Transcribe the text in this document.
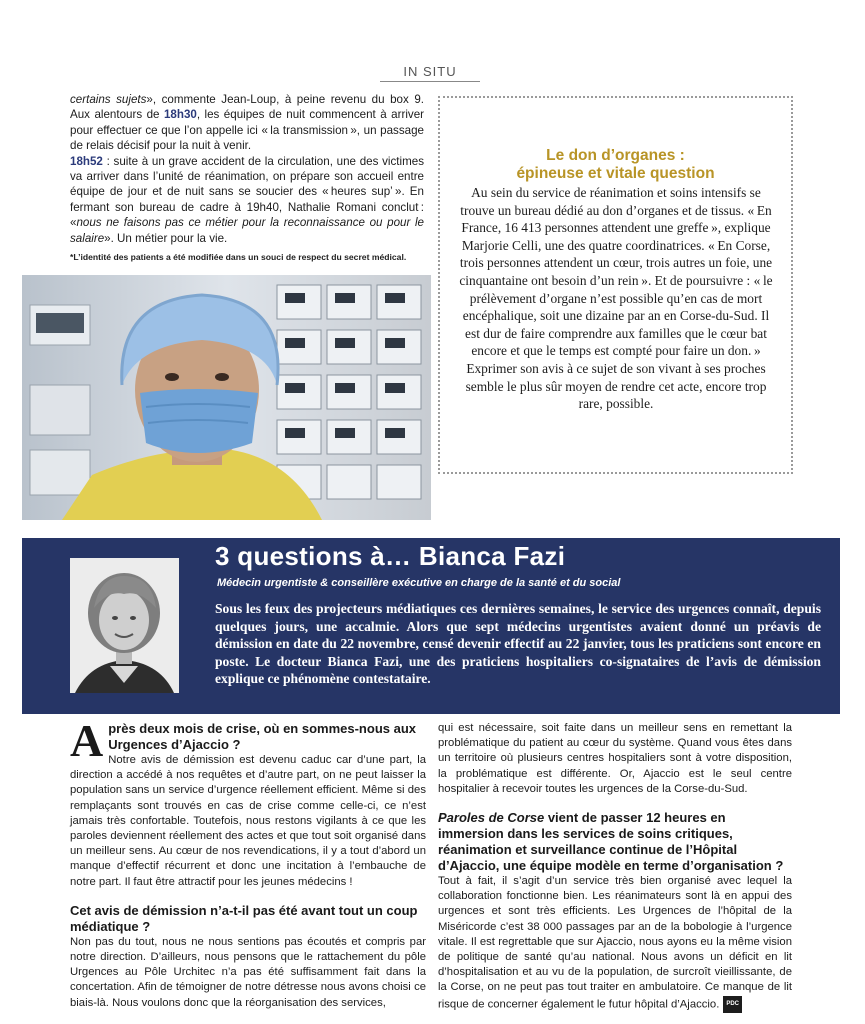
IN SITU

certains sujets», commente Jean-Loup, à peine revenu du box 9. Aux alentours de 18h30, les équipes de nuit commencent à arriver pour effectuer ce que l’on appelle ici « la transmission », un passage de relais décisif pour la nuit à venir.

18h52 : suite à un grave accident de la circulation, une des victimes va arriver dans l’unité de réanimation, on prépare son accueil entre équipe de jour et de nuit sans se soucier des « heures sup’ ». En fermant son bureau de cadre à 19h40, Nathalie Romani conclut : «nous ne faisons pas ce métier pour la reconnaissance ou pour le salaire». Un métier pour la vie.

*L’identité des patients a été modifiée dans un souci de respect du secret médical.
Le don d’organes :
épineuse et vitale question
Au sein du service de réanimation et soins intensifs se trouve un bureau dédié au don d’organes et de tissus. « En France, 16 413 personnes attendent une greffe », explique Marjorie Celli, une des quatre coordinatrices. « En Corse, trois personnes attendent un cœur, trois autres un foie, une cinquantaine ont besoin d’un rein ». Et de poursuivre : « le prélèvement d’organe n’est possible qu’en cas de mort encéphalique, soit une dizaine par an en Corse-du-Sud. Il est dur de faire comprendre aux familles que le cœur bat encore et que le temps est compté pour faire un don. » Exprimer son avis à ce sujet de son vivant à ses proches semble le plus sûr moyen de rendre cet acte, encore trop rare, possible.
3 questions à… Bianca Fazi
Médecin urgentiste & conseillère exécutive en charge de la santé et du social
Sous les feux des projecteurs médiatiques ces dernières semaines, le service des urgences connaît, depuis quelques jours, une accalmie. Alors que sept médecins urgentistes avaient donné un préavis de démission en date du 22 novembre, censé devenir effectif au 22 janvier, tous les praticiens sont encore en poste. Le docteur Bianca Fazi, une des praticiens hospitaliers co-signataires de l’avis de démission explique ce phénomène contestataire.

Après deux mois de crise, où en sommes-nous aux Urgences d’Ajaccio ?

Notre avis de démission est devenu caduc car d’une part, la direction a accédé à nos requêtes et d’autre part, on ne peut laisser la population sans un service d’urgence réellement efficient. Même si des remplaçants sont trouvés en cas de crise comme celle-ci, ce n’est jamais très confortable. Toutefois, nous restons vigilants à ce que les paroles deviennent réellement des actes et que tout soit organisé dans un meilleur sens. Au cœur de nos revendications, il y a tout d’abord un manque d’effectif récurrent et donc une incitation à l’embauche de notre part. Il faut être attractif pour les jeunes médecins !

Cet avis de démission n’a-t-il pas été avant tout un coup médiatique ?

Non pas du tout, nous ne nous sentions pas écoutés et compris par notre direction. D’ailleurs, nous pensons que le rattachement du pôle Urgences au Pôle Urchitec n’a pas été suffisamment fait dans la concertation. Afin de témoigner de notre détresse nous avons choisi ce biais-là. Nous voulons donc que la réorganisation des services,

qui est nécessaire, soit faite dans un meilleur sens en remettant la problématique du patient au cœur du système. Quand vous êtes dans un territoire où plusieurs centres hospitaliers sont à votre disposition, la problématique est différente. Or, Ajaccio est le seul centre hospitalier à recevoir toutes les urgences de la Corse-du-Sud.

Paroles de Corse vient de passer 12 heures en immersion dans les services de soins critiques, réanimation et surveillance continue de l’Hôpital d’Ajaccio, une équipe modèle en terme d’organisation ?

Tout à fait, il s’agit d’un service très bien organisé avec lequel la collaboration fonctionne bien. Les réanimateurs sont là en appui des urgences et sont très efficients. Les Urgences de l’hôpital de la Miséricorde c’est 38 000 passages par an de la bobologie à l’urgence vitale. Il est regrettable que sur Ajaccio, nous ayons eu la même vision de politique de santé qu’au national. Nous avons un déficit en lit d’hospitalisation et au vu de la population, de surcroît vieillissante, de la Corse, on ne peut pas tout traiter en ambulatoire. Ce manque de lit risque de concerner également le futur hôpital d’Ajaccio. PDC
